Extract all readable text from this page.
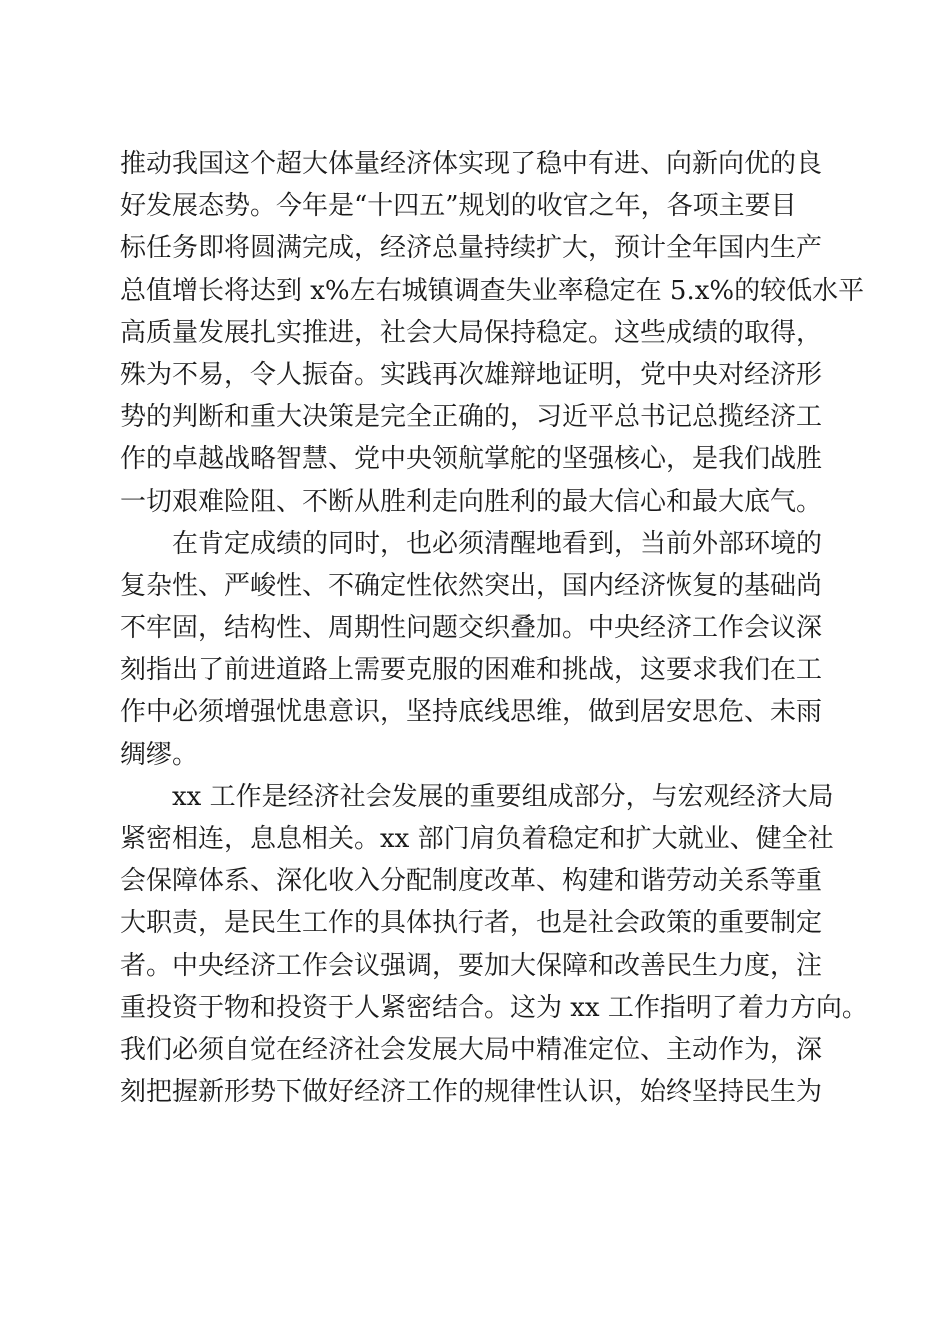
推动我国这个超大体量经济体实现了稳中有进、向新向优的良
好发展态势。今年是“十四五”规划的收官之年，各项主要目
标任务即将圆满完成，经济总量持续扩大，预计全年国内生产
总值增长将达到 x%左右城镇调查失业率稳定在 5.x%的较低水平
高质量发展扎实推进，社会大局保持稳定。这些成绩的取得，
殊为不易，令人振奋。实践再次雄辩地证明，党中央对经济形
势的判断和重大决策是完全正确的，习近平总书记总揽经济工
作的卓越战略智慧、党中央领航掌舵的坚强核心，是我们战胜
一切艰难险阻、不断从胜利走向胜利的最大信心和最大底气。
在肯定成绩的同时，也必须清醒地看到，当前外部环境的
复杂性、严峻性、不确定性依然突出，国内经济恢复的基础尚
不牢固，结构性、周期性问题交织叠加。中央经济工作会议深
刻指出了前进道路上需要克服的困难和挑战，这要求我们在工
作中必须增强忧患意识，坚持底线思维，做到居安思危、未雨
绸缪。
xx 工作是经济社会发展的重要组成部分，与宏观经济大局
紧密相连，息息相关。xx 部门肩负着稳定和扩大就业、健全社
会保障体系、深化收入分配制度改革、构建和谐劳动关系等重
大职责，是民生工作的具体执行者，也是社会政策的重要制定
者。中央经济工作会议强调，要加大保障和改善民生力度，注
重投资于物和投资于人紧密结合。这为 xx 工作指明了着力方向。
我们必须自觉在经济社会发展大局中精准定位、主动作为，深
刻把握新形势下做好经济工作的规律性认识，始终坚持民生为
